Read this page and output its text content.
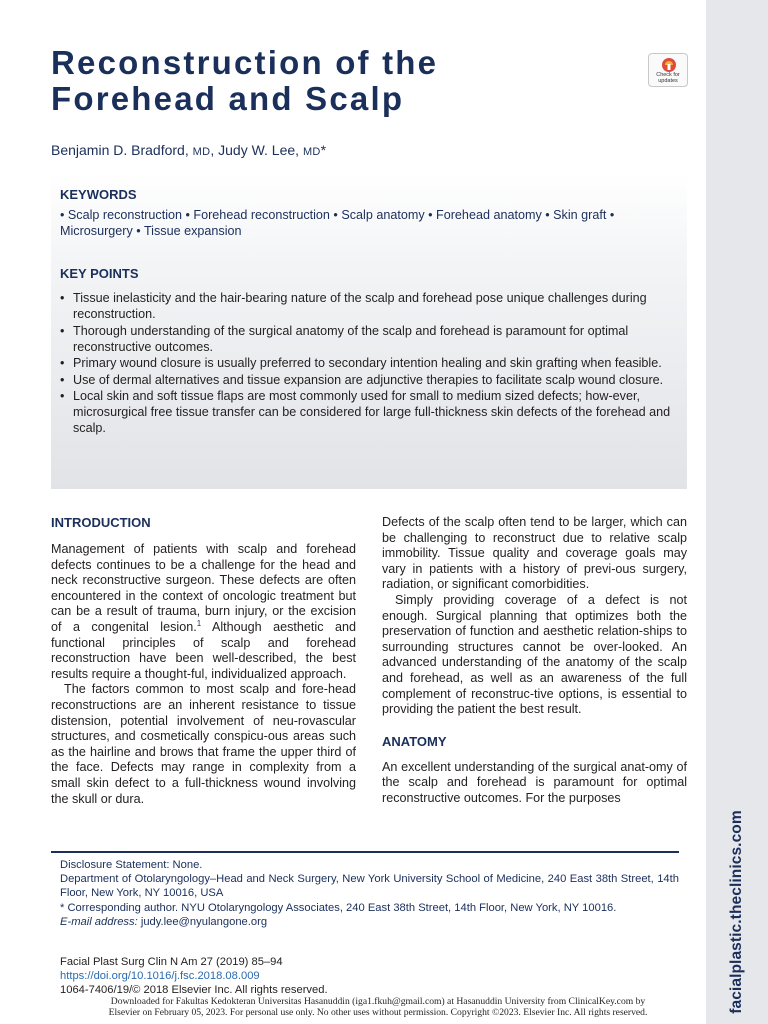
facialplastic.theclinics.com
Reconstruction of the
Forehead and Scalp
Check for
updates
Benjamin D. Bradford, MD, Judy W. Lee, MD*
KEYWORDS
• Scalp reconstruction • Forehead reconstruction • Scalp anatomy • Forehead anatomy • Skin graft • Microsurgery • Tissue expansion
KEY POINTS
• Tissue inelasticity and the hair-bearing nature of the scalp and forehead pose unique challenges during reconstruction.
• Thorough understanding of the surgical anatomy of the scalp and forehead is paramount for optimal reconstructive outcomes.
• Primary wound closure is usually preferred to secondary intention healing and skin grafting when feasible.
• Use of dermal alternatives and tissue expansion are adjunctive therapies to facilitate scalp wound closure.
• Local skin and soft tissue flaps are most commonly used for small to medium sized defects; how-ever, microsurgical free tissue transfer can be considered for large full-thickness skin defects of the forehead and scalp.
INTRODUCTION

Management of patients with scalp and forehead defects continues to be a challenge for the head and neck reconstructive surgeon. These defects are often encountered in the context of oncologic treatment but can be a result of trauma, burn injury, or the excision of a congenital lesion.$^1$ Although aesthetic and functional principles of scalp and forehead reconstruction have been well-described, the best results require a thought-ful, individualized approach.

The factors common to most scalp and fore-head reconstructions are an inherent resistance to tissue distension, potential involvement of neu-rovascular structures, and cosmetically conspicu-ous areas such as the hairline and brows that frame the upper third of the face. Defects may range in complexity from a small skin defect to a full-thickness wound involving the skull or dura.

Defects of the scalp often tend to be larger, which can be challenging to reconstruct due to relative scalp immobility. Tissue quality and coverage goals may vary in patients with a history of previ-ous surgery, radiation, or significant comorbidities.

Simply providing coverage of a defect is not enough. Surgical planning that optimizes both the preservation of function and aesthetic relation-ships to surrounding structures cannot be over-looked. An advanced understanding of the anatomy of the scalp and forehead, as well as an awareness of the full complement of reconstruc-tive options, is essential to providing the patient the best result.

ANATOMY

An excellent understanding of the surgical anat-omy of the scalp and forehead is paramount for optimal reconstructive outcomes. For the purposes

Disclosure Statement: None.
Department of Otolaryngology–Head and Neck Surgery, New York University School of Medicine, 240 East 38th Street, 14th Floor, New York, NY 10016, USA
* Corresponding author. NYU Otolaryngology Associates, 240 East 38th Street, 14th Floor, New York, NY 10016.
E-mail address: judy.lee@nyulangone.org
Facial Plast Surg Clin N Am 27 (2019) 85–94
https://doi.org/10.1016/j.fsc.2018.08.009
1064-7406/19/© 2018 Elsevier Inc. All rights reserved.
Downloaded for Fakultas Kedokteran Universitas Hasanuddin (iga1.fkuh@gmail.com) at Hasanuddin University from ClinicalKey.com by
Elsevier on February 05, 2023. For personal use only. No other uses without permission. Copyright ©2023. Elsevier Inc. All rights reserved.
